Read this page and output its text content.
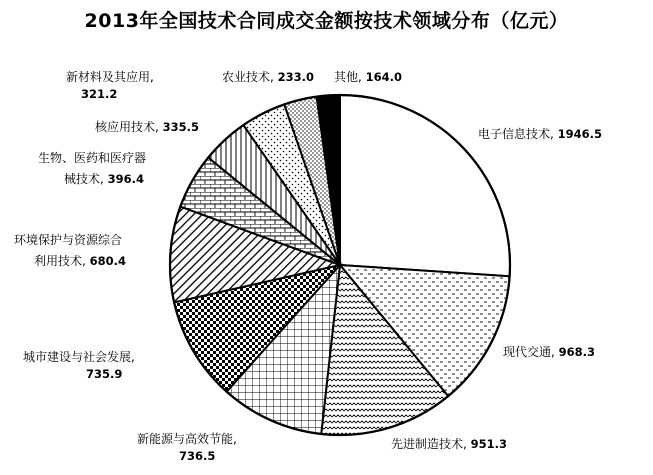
2013年全国技术合同成交金额按技术领域分布（亿元）
电子信息技术, 1946.5
现代交通, 968.3
先进制造技术, 951.3
新能源与高效节能,
736.5
城市建设与社会发展,
735.9
环境保护与资源综合
利用技术, 680.4
生物、医药和医疗器
械技术, 396.4
核应用技术, 335.5
新材料及其应用,
321.2
农业技术, 233.0 其他, 164.0
